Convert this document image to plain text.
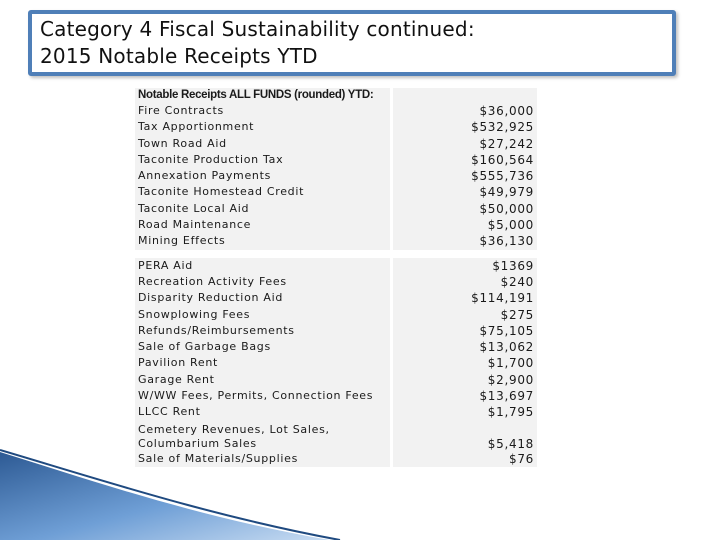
Category 4 Fiscal Sustainability continued:
2015 Notable Receipts YTD
Notable Receipts ALL FUNDS (rounded) YTD:
Fire Contracts	$36,000
Tax Apportionment	$532,925
Town Road Aid	$27,242
Taconite Production Tax	$160,564
Annexation Payments	$555,736
Taconite Homestead Credit	$49,979
Taconite Local Aid	$50,000
Road Maintenance	$5,000
Mining Effects	$36,130
PERA Aid	$1369
Recreation Activity Fees	$240
Disparity Reduction Aid	$114,191
Snowplowing Fees	$275
Refunds/Reimbursements	$75,105
Sale of Garbage Bags	$13,062
Pavilion Rent	$1,700
Garage Rent	$2,900
W/WW Fees, Permits, Connection Fees	$13,697
LLCC Rent	$1,795
Cemetery Revenues, Lot Sales, Columbarium Sales	$5,418
Sale of Materials/Supplies	$76
